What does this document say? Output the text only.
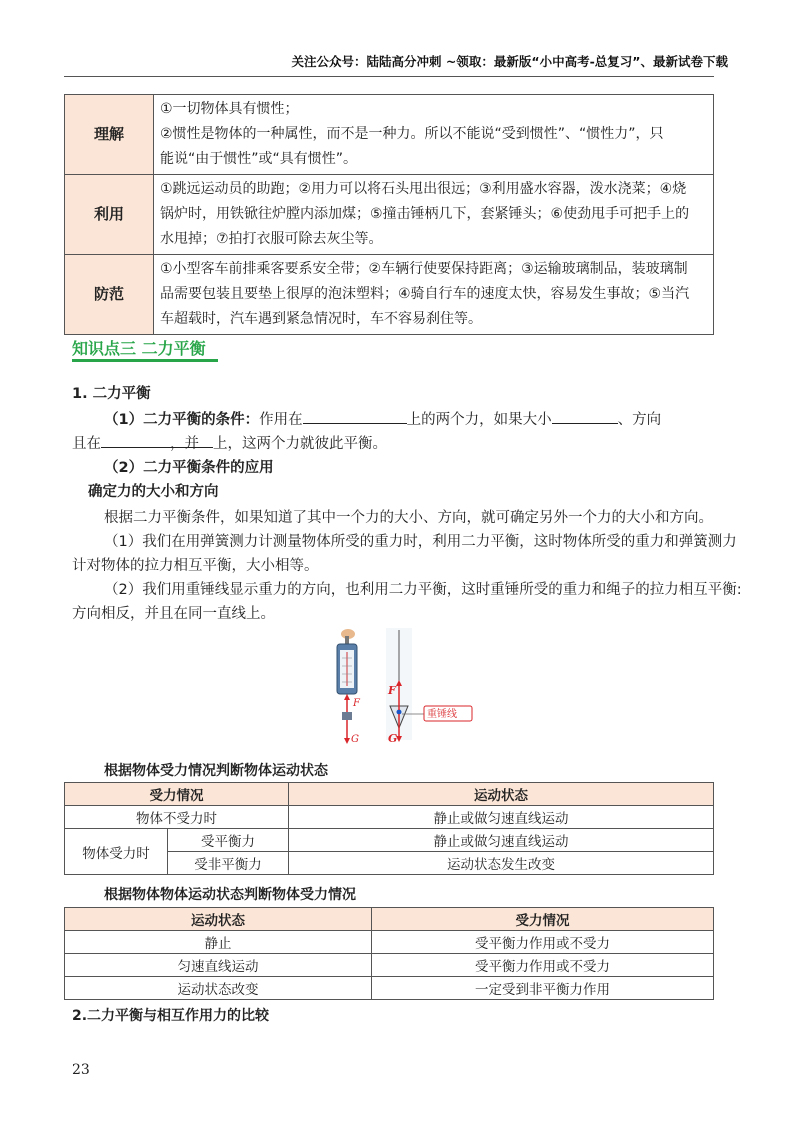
关注公众号：陆陆高分冲刺 ~领取：最新版“小中高考-总复习”、最新试卷下载
理解	①一切物体具有惯性；
②惯性是物体的一种属性，而不是一种力。所以不能说“受到惯性”、“惯性力”，只
能说“由于惯性”或“具有惯性”。

利用	①跳远运动员的助跑；②用力可以将石头甩出很远；③利用盛水容器，泼水浇菜；④烧
锅炉时，用铁锨往炉膛内添加煤；⑤撞击锤柄几下，套紧锤头；⑥使劲甩手可把手上的
水甩掉；⑦拍打衣服可除去灰尘等。

防范	①小型客车前排乘客要系安全带；②车辆行使要保持距离；③运输玻璃制品，装玻璃制
品需要包装且要垫上很厚的泡沫塑料；④骑自行车的速度太快，容易发生事故；⑤当汽
车超载时，汽车遇到紧急情况时，车不容易刹住等。
知识点三 二力平衡
1. 二力平衡
（1）二力平衡的条件：作用在	上的两个力，如果大小	、方向，并
且在	上，这两个力就彼此平衡。
（2）二力平衡条件的应用
确定力的大小和方向
根据二力平衡条件，如果知道了其中一个力的大小、方向，就可确定另外一个力的大小和方向。
（1）我们在用弹簧测力计测量物体所受的重力时，利用二力平衡，这时物体所受的重力和弹簧测力
计对物体的拉力相互平衡，大小相等。
（2）我们用重锤线显示重力的方向，也利用二力平衡，这时重锤所受的重力和绳子的拉力相互平衡:
方向相反，并且在同一直线上。
F
G
F
G
重锤线
根据物体受力情况判断物体运动状态
受力情况		运动状态
物体不受力时		静止或做匀速直线运动
物体受力时	受平衡力	静止或做匀速直线运动
	受非平衡力	运动状态发生改变
根据物体物体运动状态判断物体受力情况
运动状态	受力情况
静止	受平衡力作用或不受力
匀速直线运动	受平衡力作用或不受力
运动状态改变	一定受到非平衡力作用
2.二力平衡与相互作用力的比较
23
